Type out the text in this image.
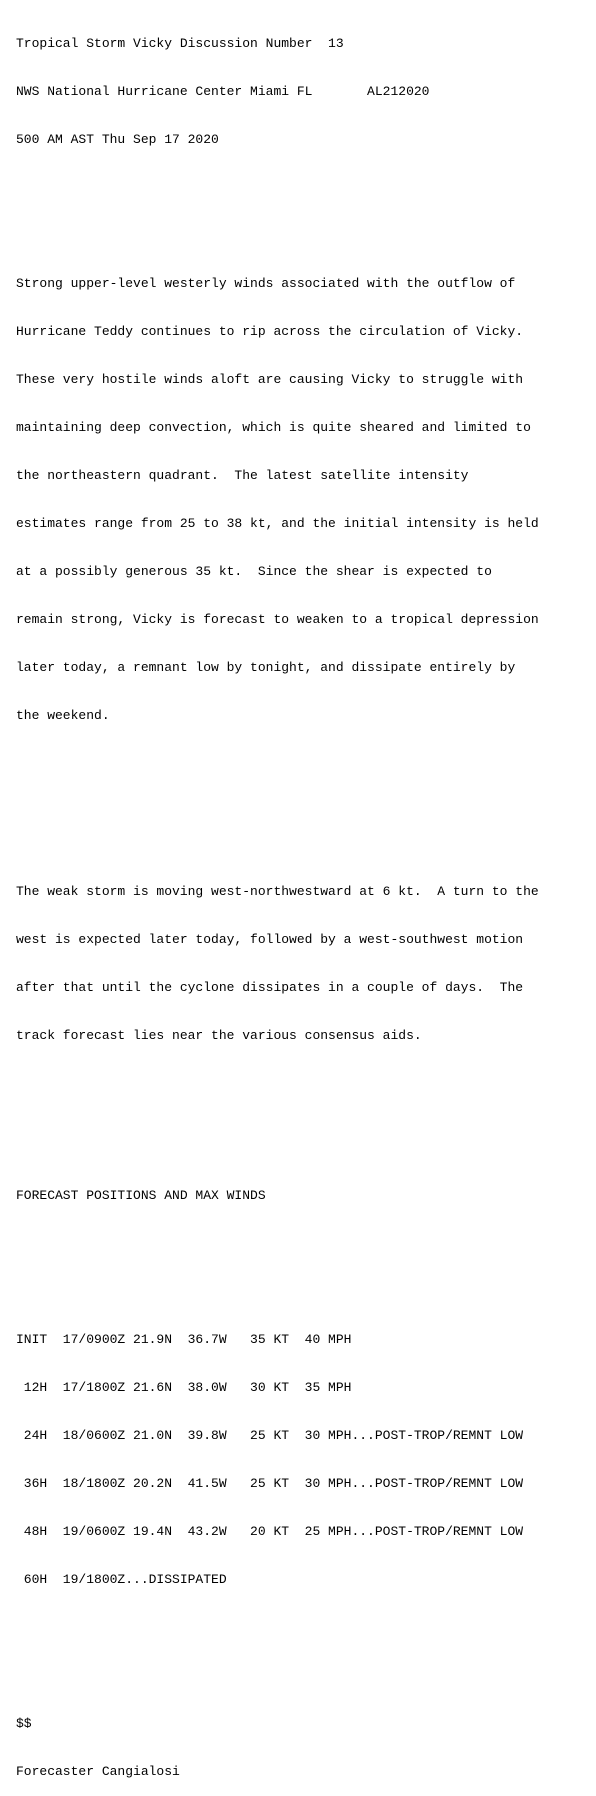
Tropical Storm Vicky Discussion Number  13

NWS National Hurricane Center Miami FL       AL212020

500 AM AST Thu Sep 17 2020

Strong upper-level westerly winds associated with the outflow of

Hurricane Teddy continues to rip across the circulation of Vicky.

These very hostile winds aloft are causing Vicky to struggle with

maintaining deep convection, which is quite sheared and limited to

the northeastern quadrant.  The latest satellite intensity

estimates range from 25 to 38 kt, and the initial intensity is held

at a possibly generous 35 kt.  Since the shear is expected to

remain strong, Vicky is forecast to weaken to a tropical depression

later today, a remnant low by tonight, and dissipate entirely by

the weekend.

The weak storm is moving west-northwestward at 6 kt.  A turn to the

west is expected later today, followed by a west-southwest motion

after that until the cyclone dissipates in a couple of days.  The

track forecast lies near the various consensus aids.

FORECAST POSITIONS AND MAX WINDS

INIT  17/0900Z 21.9N  36.7W   35 KT  40 MPH

12H  17/1800Z 21.6N  38.0W   30 KT  35 MPH

24H  18/0600Z 21.0N  39.8W   25 KT  30 MPH...POST-TROP/REMNT LOW

36H  18/1800Z 20.2N  41.5W   25 KT  30 MPH...POST-TROP/REMNT LOW

48H  19/0600Z 19.4N  43.2W   20 KT  25 MPH...POST-TROP/REMNT LOW

60H  19/1800Z...DISSIPATED

$$

Forecaster Cangialosi
